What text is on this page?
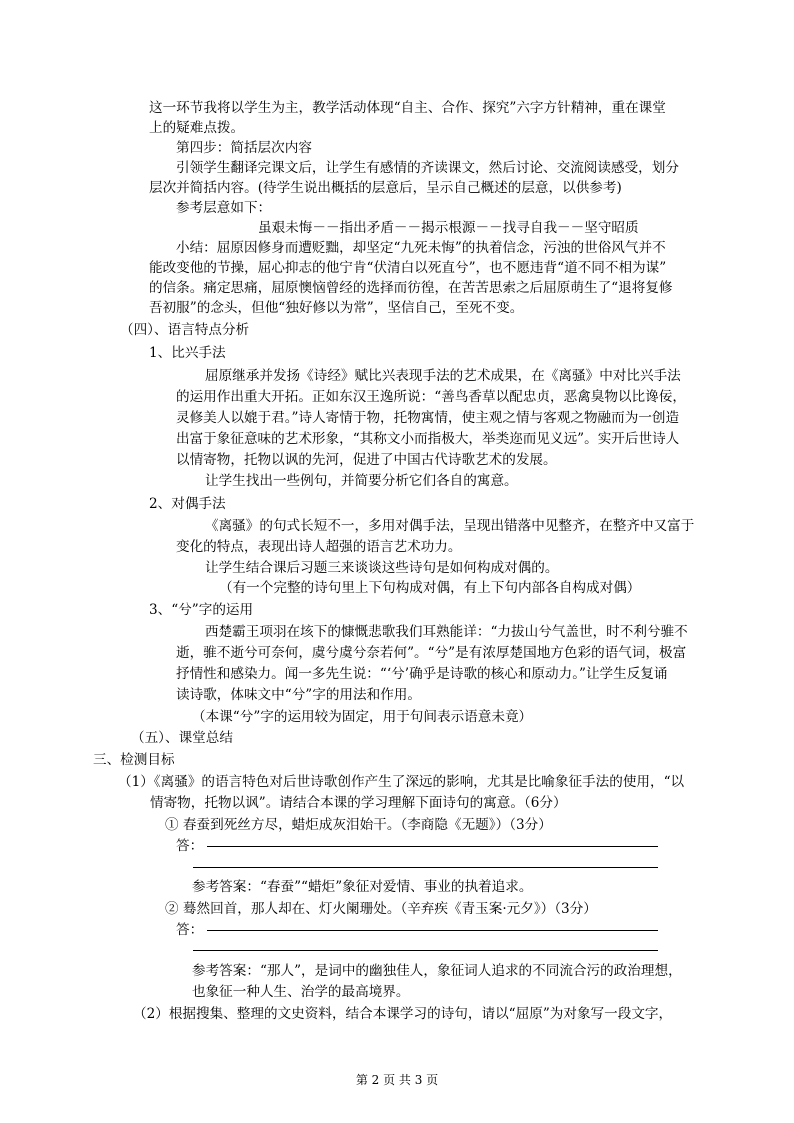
这一环节我将以学生为主，教学活动体现“自主、合作、探究”六字方针精神，重在课堂
上的疑难点拨。
第四步：简括层次内容
引领学生翻译完课文后，让学生有感情的齐读课文，然后讨论、交流阅读感受，划分
层次并简括内容。(待学生说出概括的层意后，呈示自己概述的层意，以供参考)
参考层意如下：
虽艰未悔－－指出矛盾－－揭示根源－－找寻自我－－坚守昭质
小结：屈原因修身而遭贬黜，却坚定“九死未悔”的执着信念，污浊的世俗风气并不
能改变他的节操，屈心抑志的他宁肯“伏清白以死直兮”，也不愿违背“道不同不相为谋”
的信条。痛定思痛，屈原懊恼曾经的选择而彷徨，在苦苦思索之后屈原萌生了“退将复修
吾初服”的念头，但他“独好修以为常”，坚信自己，至死不变。
（四）、语言特点分析
1、比兴手法
屈原继承并发扬《诗经》赋比兴表现手法的艺术成果，在《离骚》中对比兴手法
的运用作出重大开拓。正如东汉王逸所说：“善鸟香草以配忠贞，恶禽臭物以比谗佞，
灵修美人以媲于君。”诗人寄情于物，托物寓情，使主观之情与客观之物融而为一创造
出富于象征意味的艺术形象，“其称文小而指极大，举类迩而见义远”。实开后世诗人
以情寄物，托物以讽的先河，促进了中国古代诗歌艺术的发展。
让学生找出一些例句，并简要分析它们各自的寓意。
2、对偶手法
《离骚》的句式长短不一，多用对偶手法，呈现出错落中见整齐，在整齐中又富于
变化的特点，表现出诗人超强的语言艺术功力。
让学生结合课后习题三来谈谈这些诗句是如何构成对偶的。
（有一个完整的诗句里上下句构成对偶，有上下句内部各自构成对偶）
3、“兮”字的运用
西楚霸王项羽在垓下的慷慨悲歌我们耳熟能详：“力拔山兮气盖世，时不利兮骓不
逝，骓不逝兮可奈何，虞兮虞兮奈若何”。“兮”是有浓厚楚国地方色彩的语气词，极富
抒情性和感染力。闻一多先生说：“‘兮’确乎是诗歌的核心和原动力。”让学生反复诵
读诗歌，体味文中“兮”字的用法和作用。
（本课“兮”字的运用较为固定，用于句间表示语意未竟）
（五）、课堂总结
三、检测目标
（1）《离骚》的语言特色对后世诗歌创作产生了深远的影响，尤其是比喻象征手法的使用，“以
情寄物，托物以讽”。请结合本课的学习理解下面诗句的寓意。（6分）
① 春蚕到死丝方尽，蜡炬成灰泪始干。（李商隐《无题》）（3分）
答：
参考答案：“春蚕”“蜡炬”象征对爱情、事业的执着追求。
② 蓦然回首，那人却在、灯火阑珊处。（辛弃疾《青玉案·元夕》）（3分）
答：
参考答案：“那人”，是词中的幽独佳人，象征词人追求的不同流合污的政治理想，
也象征一种人生、治学的最高境界。
（2）根据搜集、整理的文史资料，结合本课学习的诗句，请以“屈原”为对象写一段文字，
第 2 页 共 3 页
